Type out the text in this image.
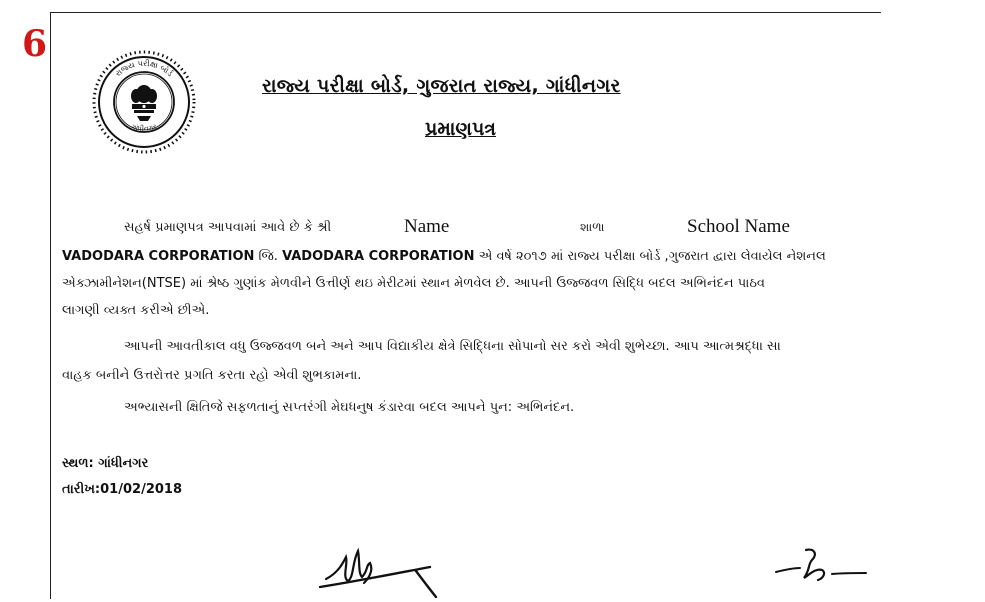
6
રાજ્ય પરીક્ષા બોર્ડ
ગાંધીનગર
રાજ્ય પરીક્ષા બોર્ડ, ગુજરાત રાજ્ય, ગાંધીનગર
પ્રમાણપત્ર
સહર્ષ પ્રમાણપત્ર આપવામાં આવે છે કે શ્રી	Name	શાળા	School Name
VADODARA CORPORATION જિ. VADODARA CORPORATION એ વર્ષ ૨૦૧૭ માં રાજ્ય પરીક્ષા બોર્ડ ,ગુજરાત દ્વારા લેવાયેલ નેશનલ
એક્ઝામીનેશન(NTSE) માં શ્રેષ્ઠ ગુણાંક મેળવીને ઉત્તીર્ણ થઇ મેરીટમાં સ્થાન મેળવેલ છે. આપની ઉજ્જવળ સિદ્ધિ બદલ અભિનંદન પાઠવ
લાગણી વ્યક્ત કરીએ છીએ.
આપની આવતીકાલ વધુ ઉજ્જવળ બને અને આપ વિદ્યાકીય ક્ષેત્રે સિદ્ધિના સોપાનો સર કરો એવી શુભેચ્છા. આપ આત્મશ્રદ્ધા સા
વાહક બનીને ઉત્તરોત્તર પ્રગતિ કરતા રહો એવી શુભકામના.
અભ્યાસની ક્ષિતિજે સફળતાનું સપ્તરંગી મેઘધનુષ કંડારવા બદલ આપને પુન: અભિનંદન.
સ્થળ: ગાંધીનગર
તારીખ:01/02/2018
